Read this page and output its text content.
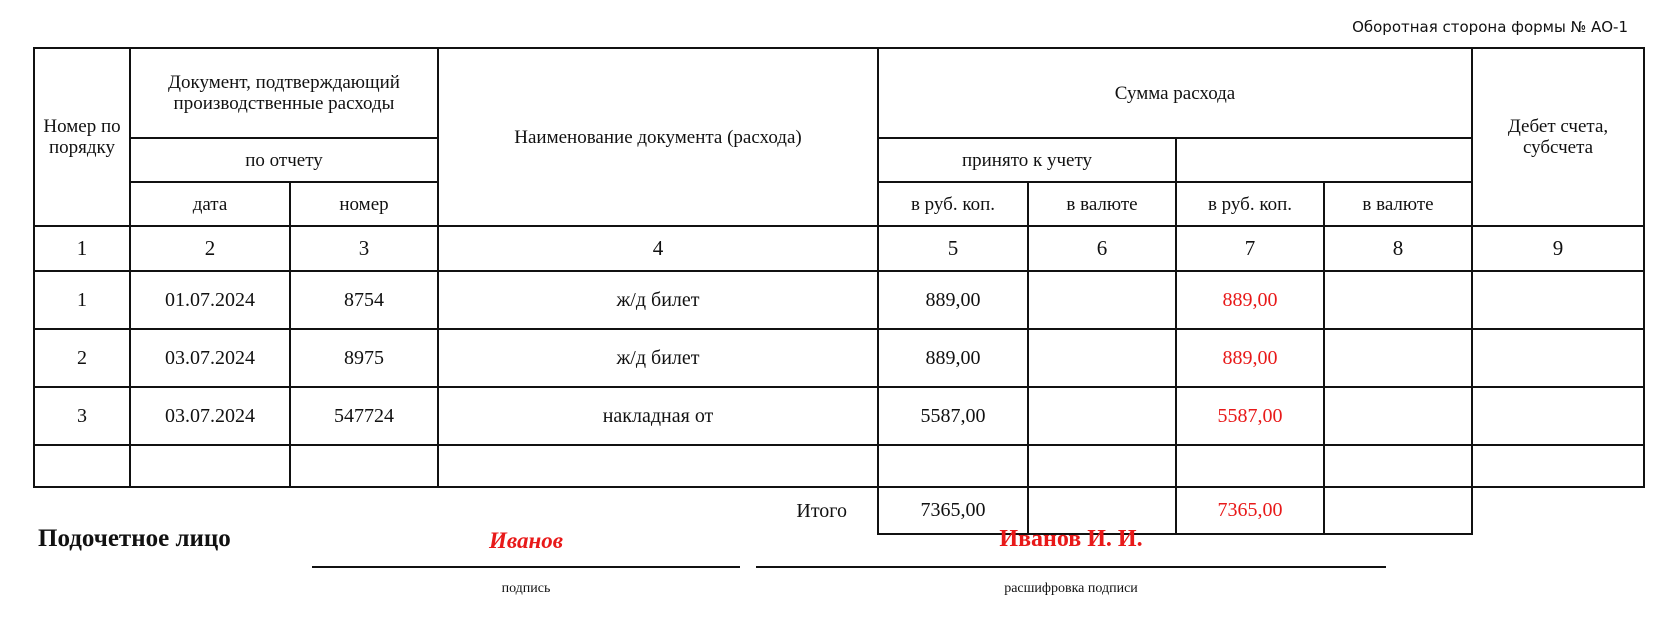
Оборотная сторона формы № АО-1
Номер по порядку	Документ, подтверждающий производственные расходы		Наименование документа (расхода)	Сумма расхода				Дебет счета, субсчета
	по отчету			принято к учету				
	дата	номер		в руб. коп.	в валюте	в руб. коп.	в валюте	
1	2	3	4	5	6	7	8	9
1	01.07.2024	8754	ж/д билет	889,00		889,00		
2	03.07.2024	8975	ж/д билет	889,00		889,00		
3	03.07.2024	547724	накладная от	5587,00		5587,00		

			Итого	7365,00		7365,00		
Подочетное лицо	Иванов
подпись
Иванов И. И.
расшифровка подписи
